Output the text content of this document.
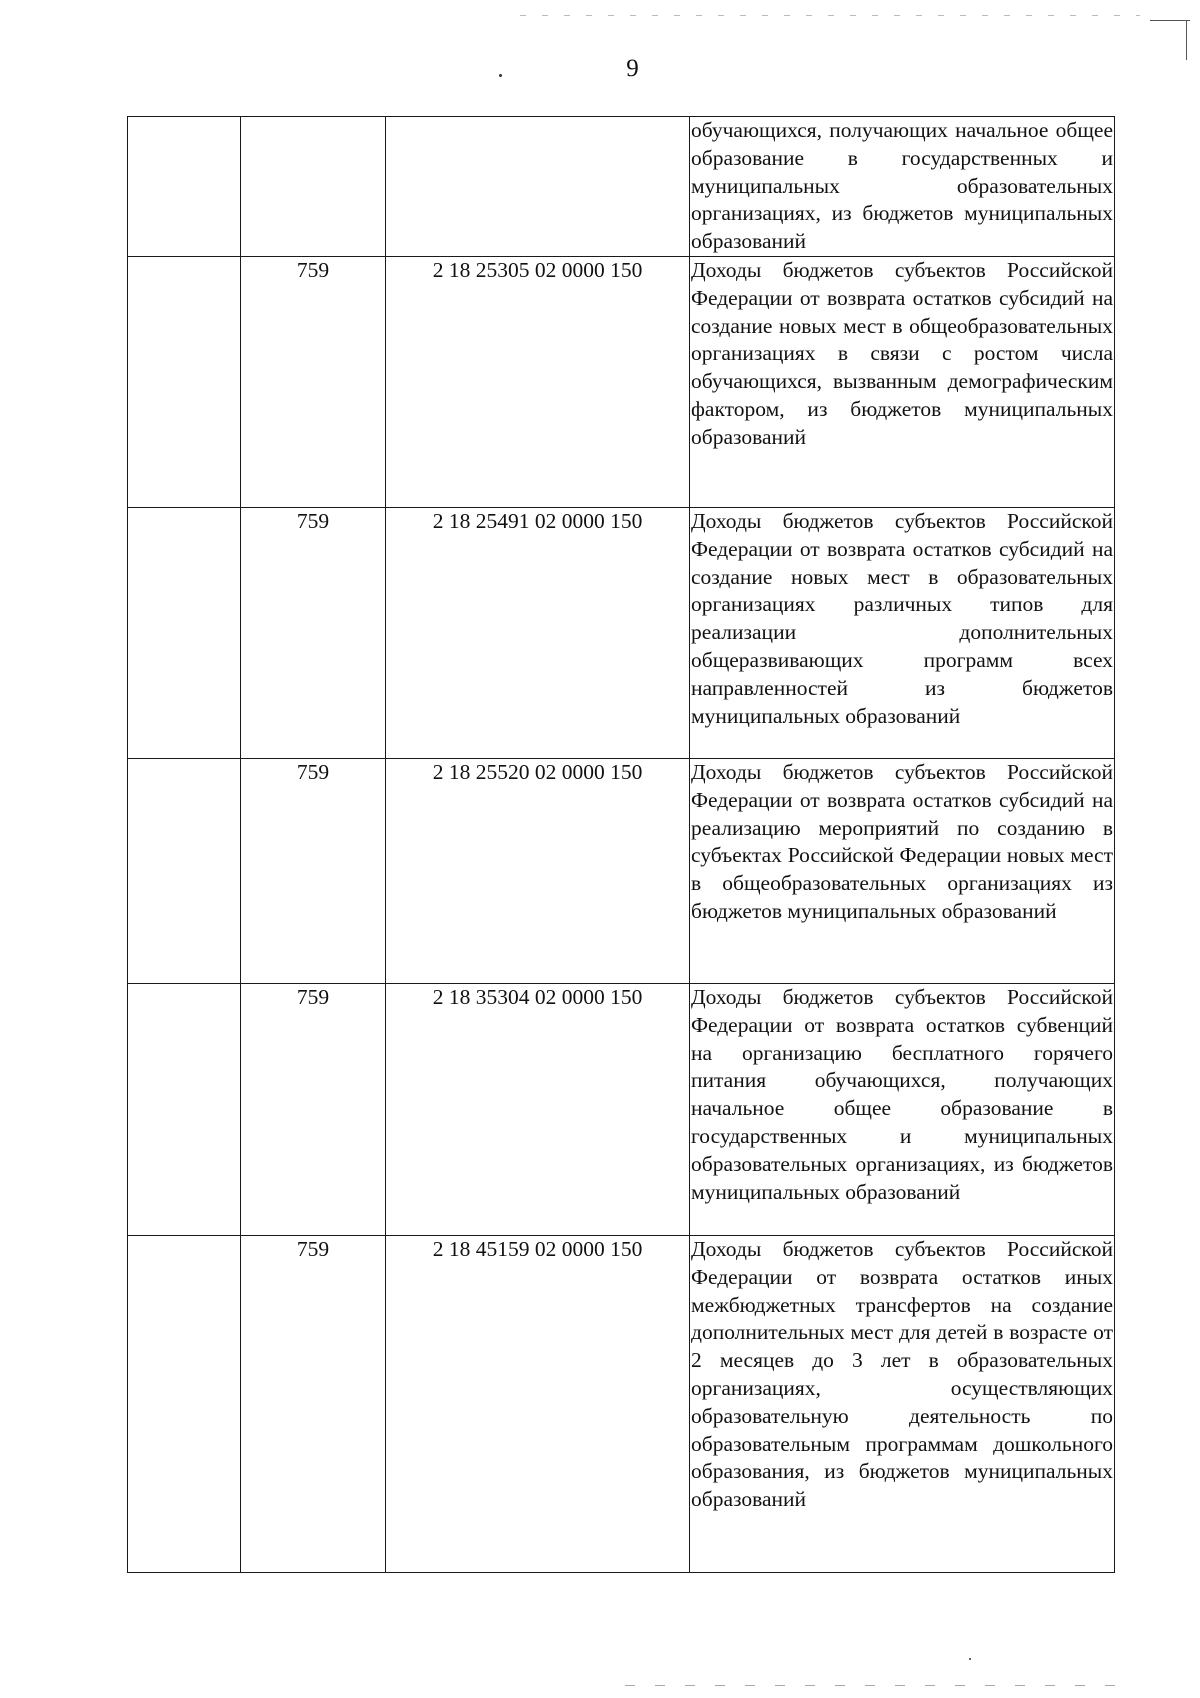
9
			обучающихся, получающих начальное общее образование в государственных и муниципальных образовательных организациях, из бюджетов муниципальных образований
	759	2 18 25305 02 0000 150	Доходы бюджетов субъектов Российской Федерации от возврата остатков субсидий на создание новых мест в общеобразовательных организациях в связи с ростом числа обучающихся, вызванным демографическим фактором, из бюджетов муниципальных образований
	759	2 18 25491 02 0000 150	Доходы бюджетов субъектов Российской Федерации от возврата остатков субсидий на создание новых мест в образовательных организациях различных типов для реализации дополнительных общеразвивающих программ всех направленностей из бюджетов муниципальных образований
	759	2 18 25520 02 0000 150	Доходы бюджетов субъектов Российской Федерации от возврата остатков субсидий на реализацию мероприятий по созданию в субъектах Российской Федерации новых мест в общеобразовательных организациях из бюджетов муниципальных образований
	759	2 18 35304 02 0000 150	Доходы бюджетов субъектов Российской Федерации от возврата остатков субвенций на организацию бесплатного горячего питания обучающихся, получающих начальное общее образование в государственных и муниципальных образовательных организациях, из бюджетов муниципальных образований
	759	2 18 45159 02 0000 150	Доходы бюджетов субъектов Российской Федерации от возврата остатков иных межбюджетных трансфертов на создание дополнительных мест для детей в возрасте от 2 месяцев до 3 лет в образовательных организациях, осуществляющих образовательную деятельность по образовательным программам дошкольного образования, из бюджетов муниципальных образований
